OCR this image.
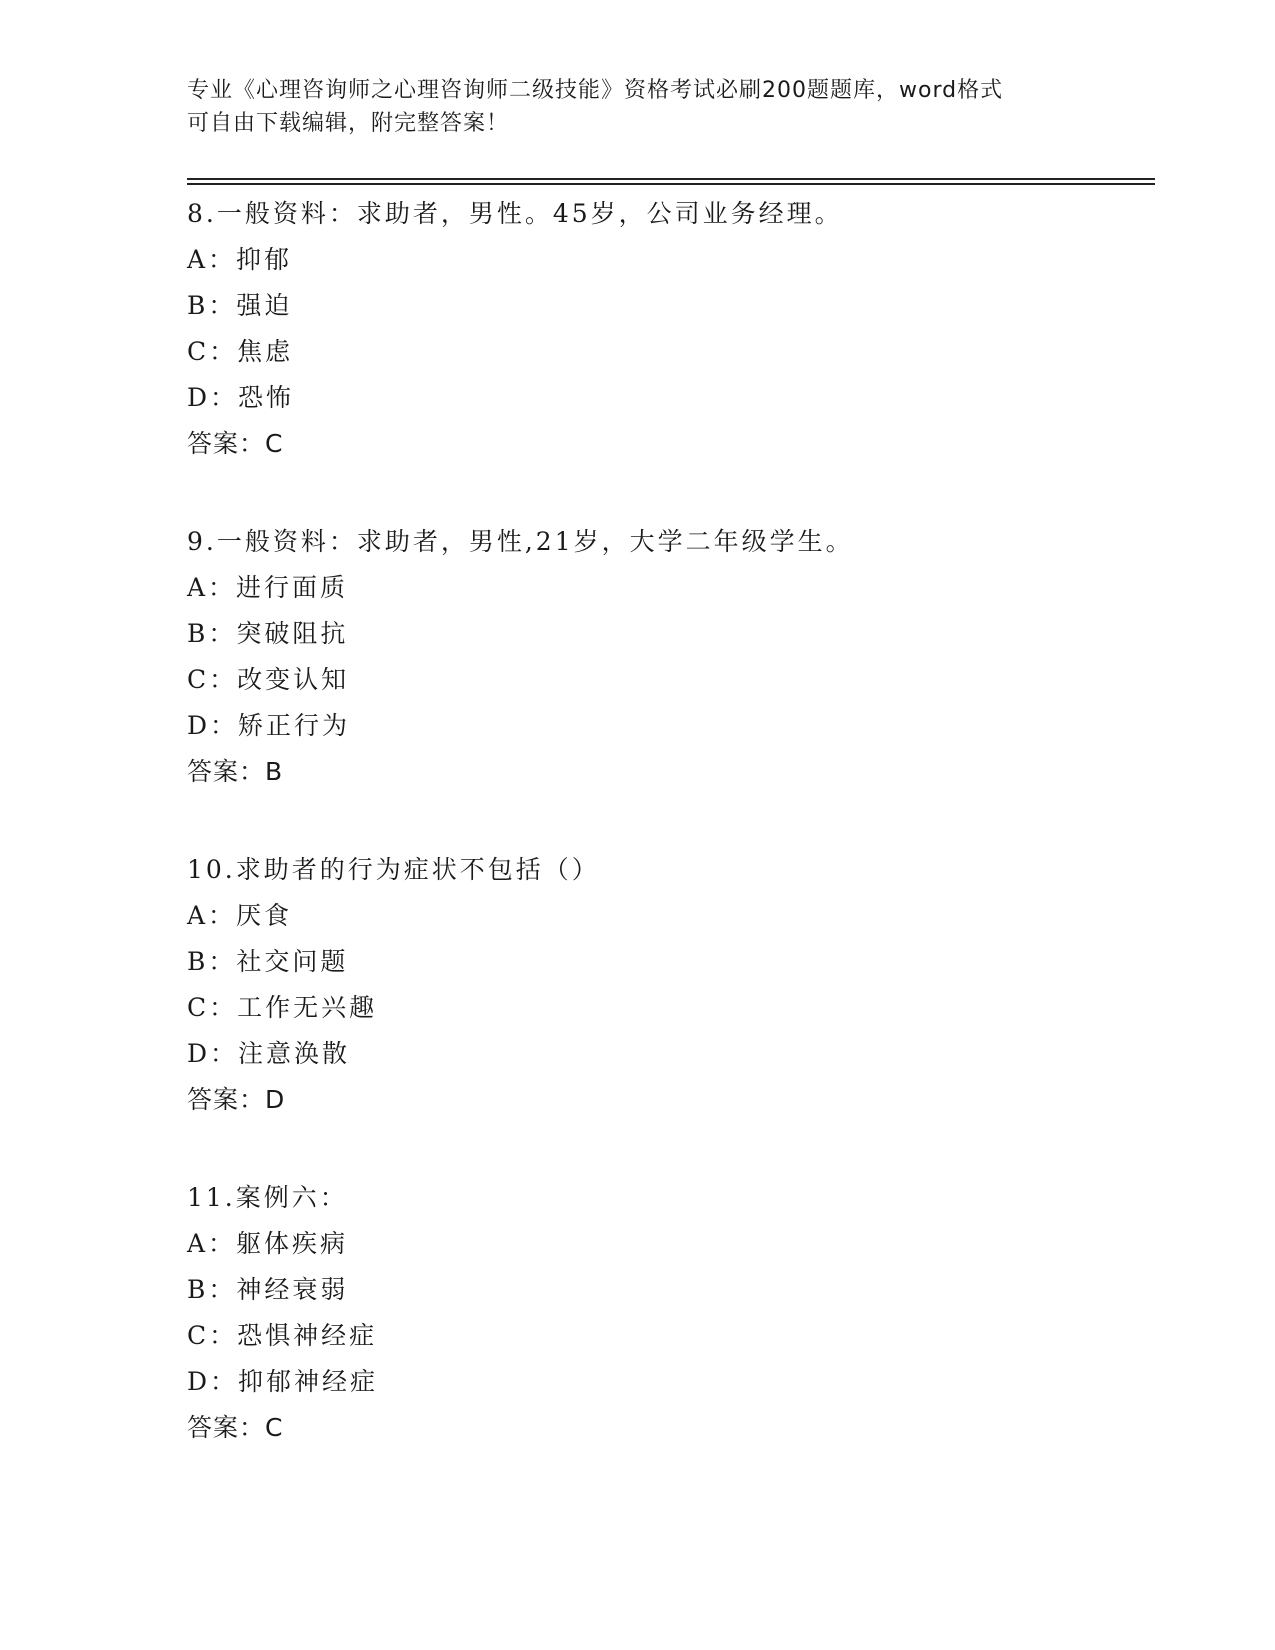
专业《心理咨询师之心理咨询师二级技能》资格考试必刷200题题库，word格式
可自由下载编辑，附完整答案！
8.一般资料：求助者，男性。45岁，公司业务经理。
A：抑郁
B：强迫
C：焦虑
D：恐怖
答案：C
9.一般资料：求助者，男性,21岁，大学二年级学生。
A：进行面质
B：突破阻抗
C：改变认知
D：矫正行为
答案：B
10.求助者的行为症状不包括（）
A：厌食
B：社交问题
C：工作无兴趣
D：注意涣散
答案：D
11.案例六：
A：躯体疾病
B：神经衰弱
C：恐惧神经症
D：抑郁神经症
答案：C
